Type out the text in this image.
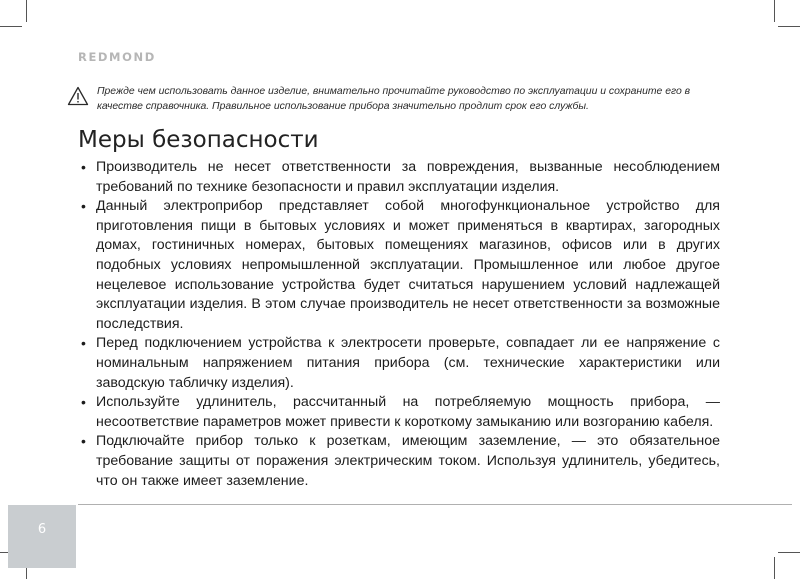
REDMOND

Прежде чем использовать данное изделие, внимательно прочитайте руководство по эксплуатации и сохраните его в качестве справочника. Правильное использование прибора значительно продлит срок его службы.

Меры безопасности
• Производитель не несет ответственности за повреждения, вызванные несоблюдением требований по технике безопасности и правил эксплуатации изделия.
• Данный электроприбор представляет собой многофункциональное устройство для приготовления пищи в бытовых условиях и может применяться в квартирах, загородных домах, гостиничных номерах, бытовых помещениях магазинов, офисов или в других подобных условиях непромышленной эксплуатации. Промышленное или любое другое нецелевое использование устройства будет считаться нарушением условий надлежащей эксплуатации изделия. В этом случае производитель не несет ответственности за возможные последствия.
• Перед подключением устройства к электросети проверьте, совпадает ли ее напряжение с номинальным напряжением питания прибора (см. технические характеристики или заводскую табличку изделия).
• Используйте удлинитель, рассчитанный на потребляемую мощность прибора, — несоответствие параметров может привести к короткому замыканию или возгоранию кабеля.
• Подключайте прибор только к розеткам, имеющим заземление, — это обязательное требование защиты от поражения электрическим током. Используя удлинитель, убедитесь, что он также имеет заземление.
6
